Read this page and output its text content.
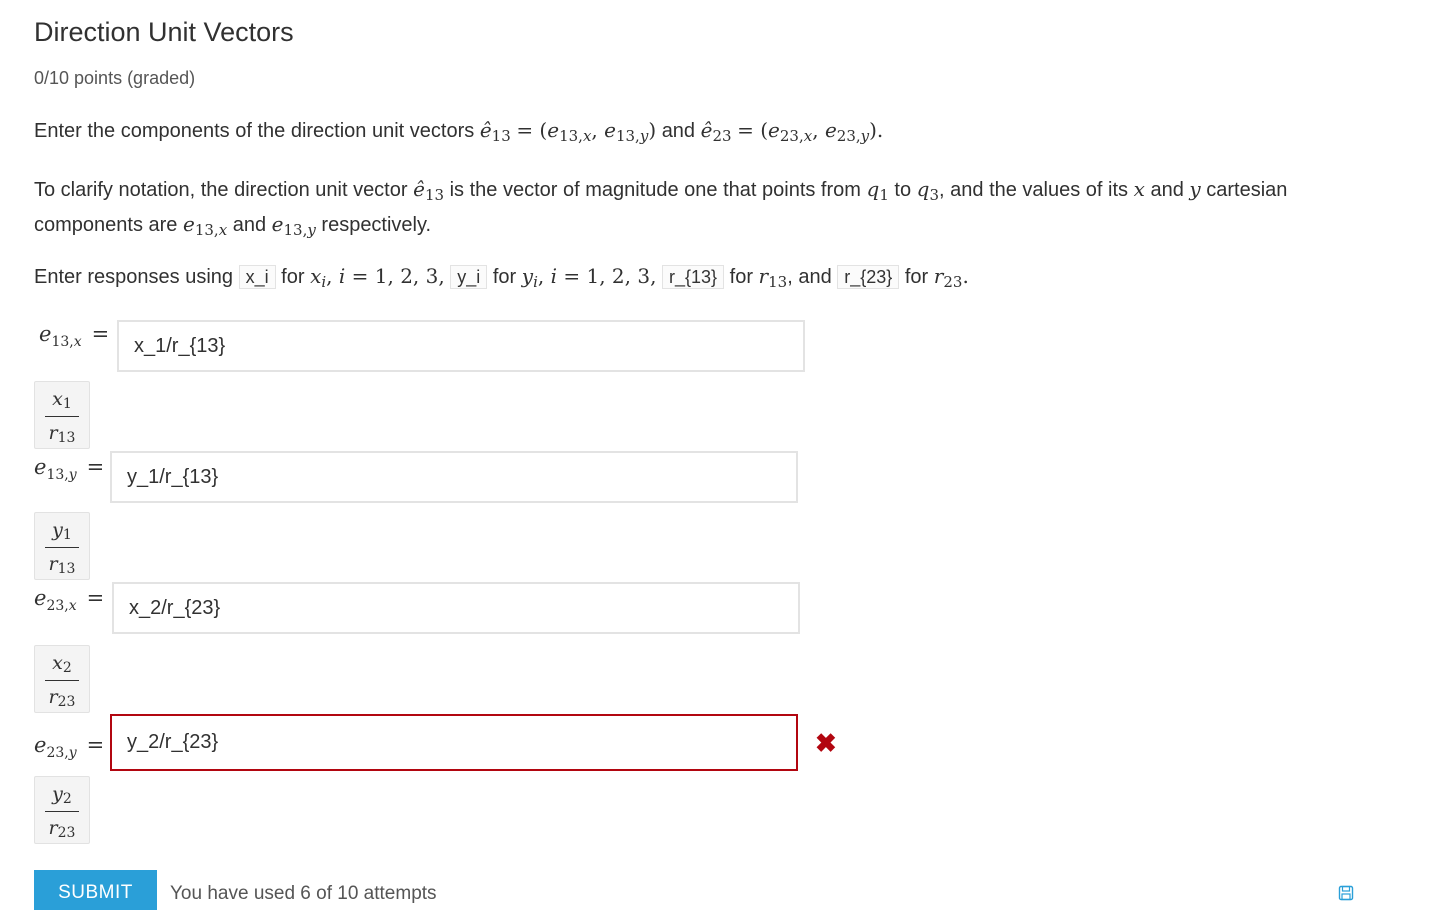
Direction Unit Vectors
0/10 points (graded)
Enter the components of the direction unit vectors $ê_{13} = (e_{13,x}$, $e_{13,y}$) and $ê_{23} = (e_{23,x}$, $e_{23,y}$).
To clarify notation, the direction unit vector $ê_{13}$ is the vector of magnitude one that points from $q_1$ to $q_3$, and the values of its x and y cartesian components are $e_{13,x}$ and $e_{13,y}$ respectively.
Enter responses using x_i for $x_i$, i = 1, 2, 3, y_i for $y_i$, i = 1, 2, 3, r_{13} for $r_{13}$, and r_{23} for $r_{23}$.
$e_{13,x}$ =	x_1/r_{13}
$x_1$
$r_{13}$
$e_{13,y}$ =	y_1/r_{13}
$y_1$
$r_{13}$
$e_{23,x}$ =	x_2/r_{23}
$x_2$
$r_{23}$
$e_{23,y}$ =	y_2/r_{23}	✖
$y_2$
$r_{23}$
SUBMIT	You have used 6 of 10 attempts
